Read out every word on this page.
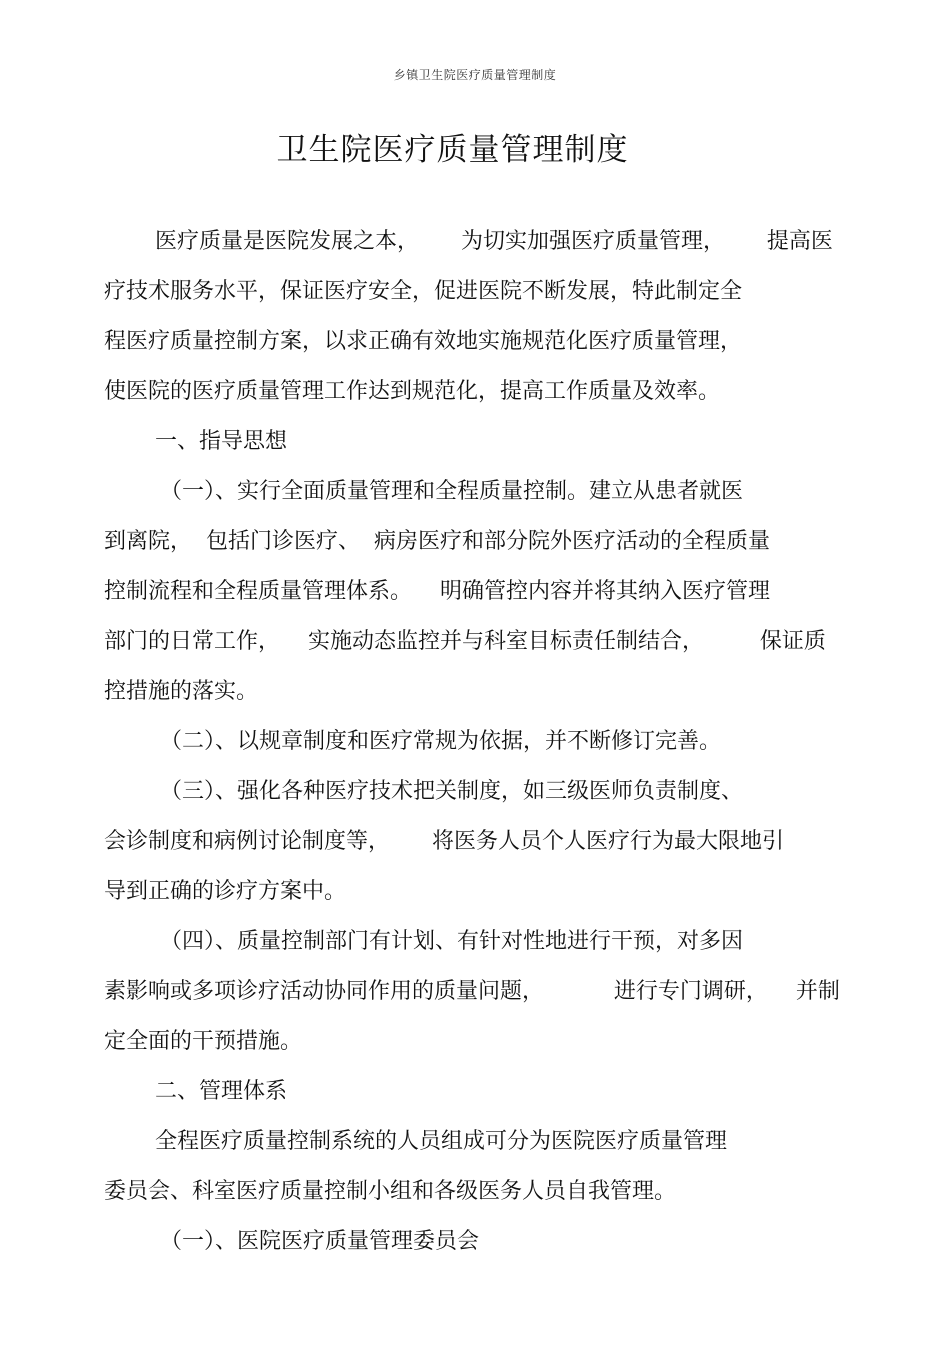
乡镇卫生院医疗质量管理制度
卫生院医疗质量管理制度
医疗质量是医院发展之本，      为切实加强医疗质量管理，      提高医
疗技术服务水平，保证医疗安全，促进医院不断发展，特此制定全
程医疗质量控制方案，以求正确有效地实施规范化医疗质量管理，
使医院的医疗质量管理工作达到规范化，提高工作质量及效率。
一、指导思想
（一）、实行全面质量管理和全程质量控制。建立从患者就医
到离院，  包括门诊医疗、  病房医疗和部分院外医疗活动的全程质量
控制流程和全程质量管理体系。    明确管控内容并将其纳入医疗管理
部门的日常工作，    实施动态监控并与科室目标责任制结合，        保证质
控措施的落实。
（二）、以规章制度和医疗常规为依据，并不断修订完善。
（三）、强化各种医疗技术把关制度，如三级医师负责制度、
会诊制度和病例讨论制度等，      将医务人员个人医疗行为最大限地引
导到正确的诊疗方案中。
（四）、质量控制部门有计划、有针对性地进行干预，对多因
素影响或多项诊疗活动协同作用的质量问题，          进行专门调研，    并制
定全面的干预措施。
二、管理体系
全程医疗质量控制系统的人员组成可分为医院医疗质量管理
委员会、科室医疗质量控制小组和各级医务人员自我管理。
（一）、医院医疗质量管理委员会
